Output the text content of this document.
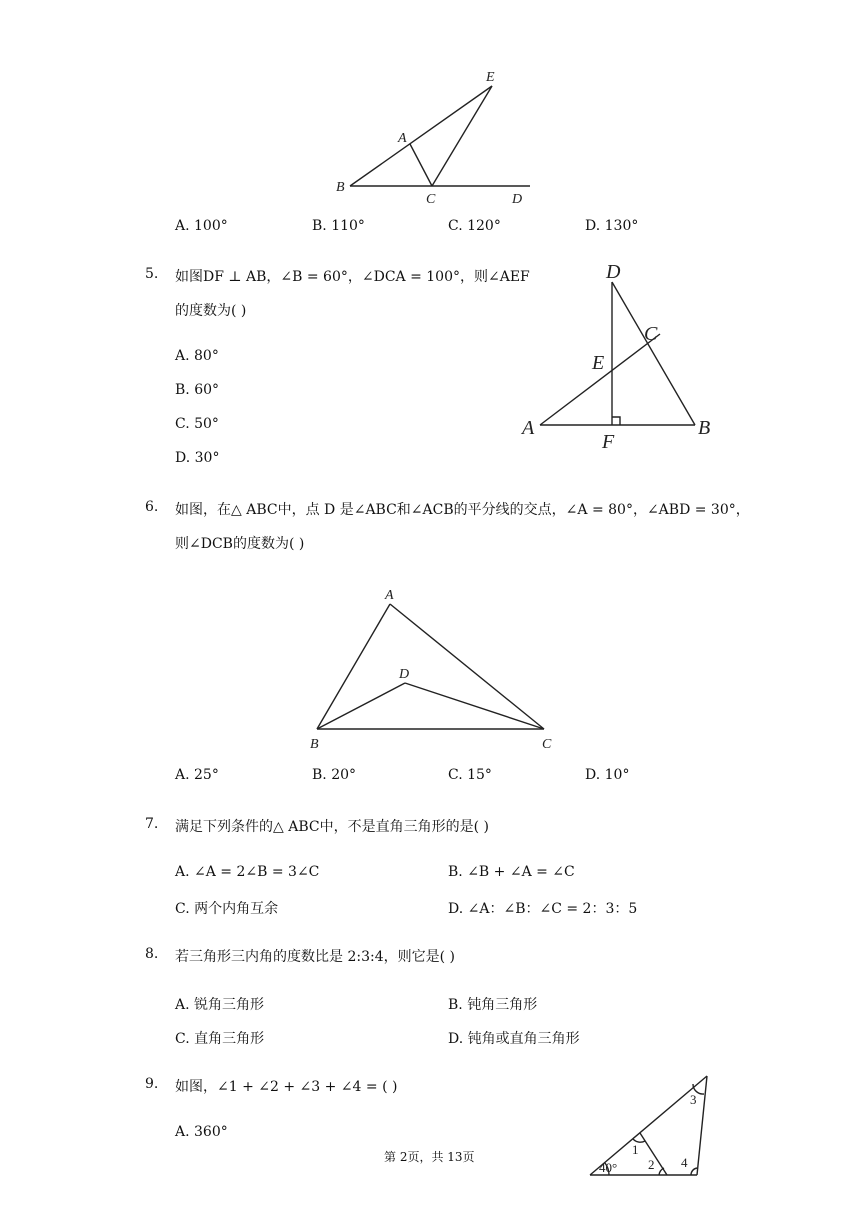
E
A
B
C	D
A. 100°	B. 110°	C. 120°	D. 130°
5. 如图DF ⊥ AB，∠B = 60°，∠DCA = 100°，则∠AEF
的度数为( )
A. 80°
B. 60°
C. 50°
D. 30°
D
C
E
A
F
B
6. 如图，在△ ABC中，点 D 是∠ABC和∠ACB的平分线的交点，∠A = 80°，∠ABD = 30°，
则∠DCB的度数为( )
A
D
B	C
A. 25°	B. 20°	C. 15°	D. 10°
7. 满足下列条件的△ ABC中，不是直角三角形的是( )
A. ∠A = 2∠B = 3∠C	B. ∠B + ∠A = ∠C
C. 两个内角互余	D. ∠A：∠B：∠C = 2：3：5
8. 若三角形三内角的度数比是 2:3:4，则它是( )
A. 锐角三角形	B. 钝角三角形
C. 直角三角形	D. 钝角或直角三角形
9. 如图，∠1 + ∠2 + ∠3 + ∠4 = ( )
A. 360°
40°
1
2
3
4
第 2页，共 13页
